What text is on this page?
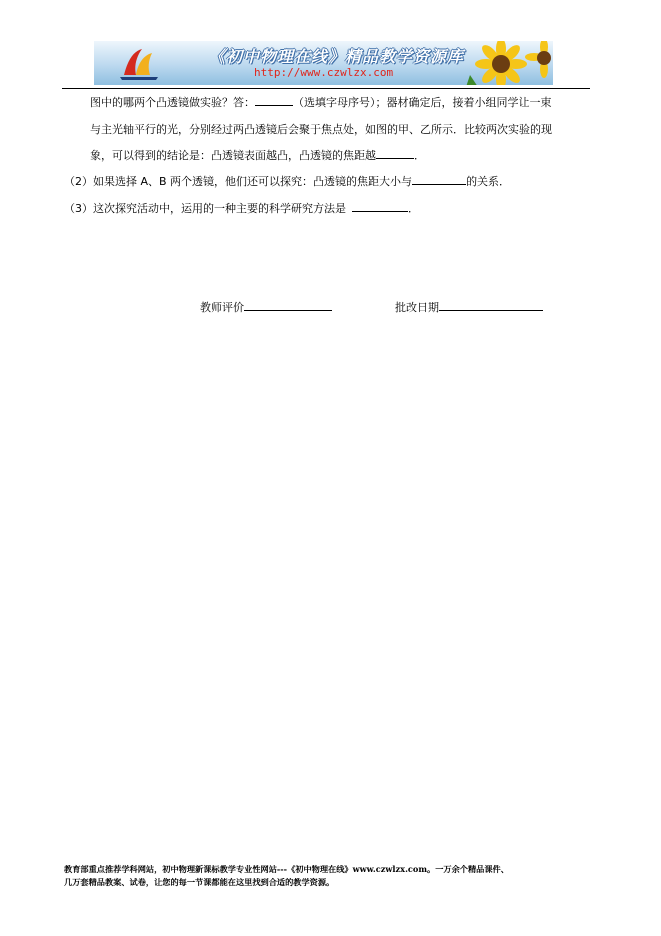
《初中物理在线》精品教学资源库
http://www.czwlzx.com
图中的哪两个凸透镜做实验？答：	（选填字母序号）；器材确定后，接着小组同学让一束
与主光轴平行的光，分别经过两凸透镜后会聚于焦点处，如图的甲、乙所示．比较两次实验的现
象，可以得到的结论是：凸透镜表面越凸，凸透镜的焦距越	．
（2）如果选择 A、B 两个透镜，他们还可以探究：凸透镜的焦距大小与	的关系．
（3）这次探究活动中，运用的一种主要的科学研究方法是	．
教师评价	批改日期
教育部重点推荐学科网站，初中物理新课标教学专业性网站---《初中物理在线》www.czwlzx.com。一万余个精品课件、
几万套精品教案、试卷，让您的每一节课都能在这里找到合适的教学资源。
